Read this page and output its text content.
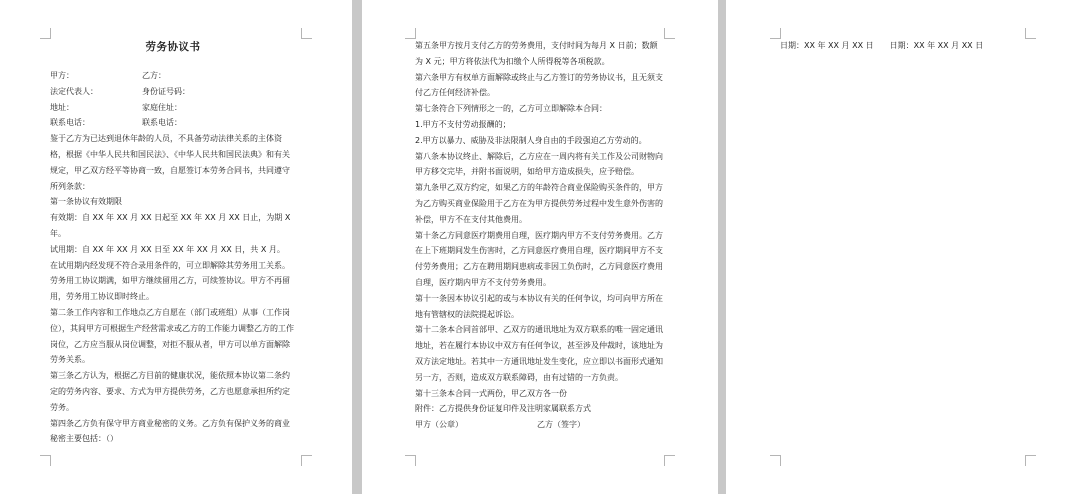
劳务协议书
甲方：	乙方：
法定代表人：	身份证号码：
地址：	家庭住址：
联系电话：	联系电话：
鉴于乙方为已达到退休年龄的人员，不具备劳动法律关系的主体资格，根据《中华人民共和国民法》、《中华人民共和国民法典》和有关规定，甲乙双方经平等协商一致，自愿签订本劳务合同书，共同遵守所列条款：
第一条协议有效期限
有效期：自 XX 年 XX 月 XX 日起至 XX 年 XX 月 XX 日止，为期 X 年。
试用期：自 XX 年 XX 月 XX 日至 XX 年 XX 月 XX 日，共 X 月。
在试用期内经发现不符合录用条件的，可立即解除其劳务用工关系。劳务用工协议期满，如甲方继续留用乙方，可续签协议。甲方不再留用，劳务用工协议即时终止。
第二条工作内容和工作地点乙方自愿在（部门或班组）从事（工作岗位），其间甲方可根据生产经营需求或乙方的工作能力调整乙方的工作岗位，乙方应当服从岗位调整，对拒不服从者，甲方可以单方面解除劳务关系。
第三条乙方认为，根据乙方目前的健康状况，能依照本协议第二条约定的劳务内容、要求、方式为甲方提供劳务，乙方也愿意承担所约定劳务。
第四条乙方负有保守甲方商业秘密的义务。乙方负有保护义务的商业秘密主要包括：（）
第五条甲方按月支付乙方的劳务费用，支付时间为每月 X 日前；数额为 X 元；甲方将依法代为扣缴个人所得税等各项税款。
第六条甲方有权单方面解除或终止与乙方签订的劳务协议书，且无须支付乙方任何经济补偿。
第七条符合下列情形之一的，乙方可立即解除本合同：
1.甲方不支付劳动报酬的；
2.甲方以暴力、威胁及非法限制人身自由的手段强迫乙方劳动的。
第八条本协议终止、解除后，乙方应在一周内将有关工作及公司财物向甲方移交完毕，并附书面说明，如给甲方造成损失，应予赔偿。
第九条甲乙双方约定，如果乙方的年龄符合商业保险购买条件的，甲方为乙方购买商业保险用于乙方在为甲方提供劳务过程中发生意外伤害的补偿，甲方不在支付其他费用。
第十条乙方同意医疗期费用自理，医疗期内甲方不支付劳务费用。乙方在上下班期间发生伤害时，乙方同意医疗费用自理，医疗期间甲方不支付劳务费用；乙方在聘用期间患病或非因工负伤时，乙方同意医疗费用自理，医疗期内甲方不支付劳务费用。
第十一条因本协议引起的或与本协议有关的任何争议，均可向甲方所在地有管辖权的法院提起诉讼。
第十二条本合同首部甲、乙双方的通讯地址为双方联系的唯一固定通讯地址，若在履行本协议中双方有任何争议，甚至涉及仲裁时，该地址为双方法定地址。若其中一方通讯地址发生变化，应立即以书面形式通知另一方，否则，造成双方联系障碍，由有过错的一方负责。
第十三条本合同一式两份，甲乙双方各一份
附件：乙方提供身份证复印件及注明家属联系方式
甲方（公章）	乙方（签字）
日期：XX 年 XX 月 XX 日 日期：XX 年 XX 月 XX 日
